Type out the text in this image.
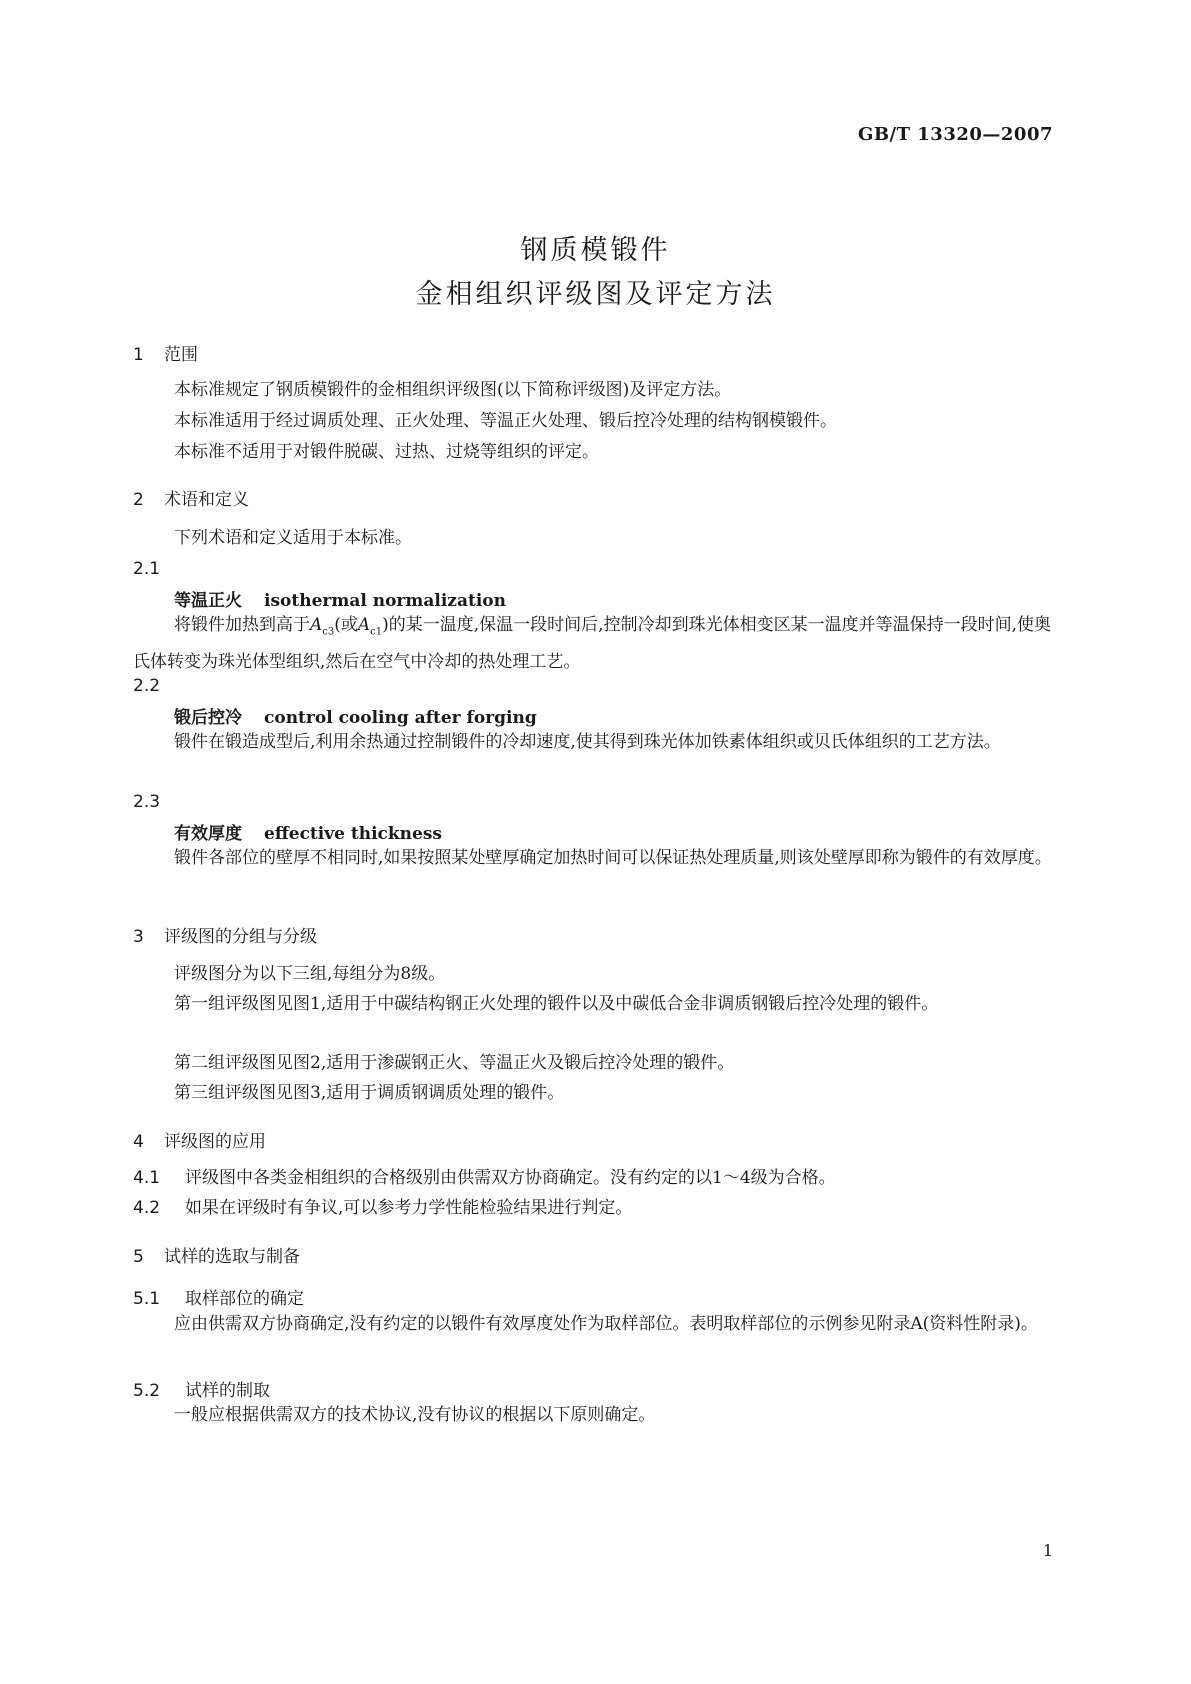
GB/T 13320—2007
钢质模锻件
金相组织评级图及评定方法
1 范围
本标准规定了钢质模锻件的金相组织评级图(以下简称评级图)及评定方法。
本标准适用于经过调质处理、正火处理、等温正火处理、锻后控冷处理的结构钢模锻件。
本标准不适用于对锻件脱碳、过热、过烧等组织的评定。
2 术语和定义
下列术语和定义适用于本标准。
2.1
等温正火 isothermal normalization
将锻件加热到高于$A_{c3}$(或$A_{c1}$)的某一温度,保温一段时间后,控制冷却到珠光体相变区某一温度并等温保持一段时间,使奥氏体转变为珠光体型组织,然后在空气中冷却的热处理工艺。
2.2
锻后控冷 control cooling after forging
锻件在锻造成型后,利用余热通过控制锻件的冷却速度,使其得到珠光体加铁素体组织或贝氏体组织的工艺方法。
2.3
有效厚度 effective thickness
锻件各部位的壁厚不相同时,如果按照某处壁厚确定加热时间可以保证热处理质量,则该处壁厚即称为锻件的有效厚度。
3 评级图的分组与分级
评级图分为以下三组,每组分为8级。
第一组评级图见图1,适用于中碳结构钢正火处理的锻件以及中碳低合金非调质钢锻后控冷处理的锻件。
第二组评级图见图2,适用于渗碳钢正火、等温正火及锻后控冷处理的锻件。
第三组评级图见图3,适用于调质钢调质处理的锻件。
4 评级图的应用
4.1 评级图中各类金相组织的合格级别由供需双方协商确定。没有约定的以1～4级为合格。
4.2 如果在评级时有争议,可以参考力学性能检验结果进行判定。
5 试样的选取与制备
5.1 取样部位的确定
应由供需双方协商确定,没有约定的以锻件有效厚度处作为取样部位。表明取样部位的示例参见附录A(资料性附录)。
5.2 试样的制取
一般应根据供需双方的技术协议,没有协议的根据以下原则确定。
1
